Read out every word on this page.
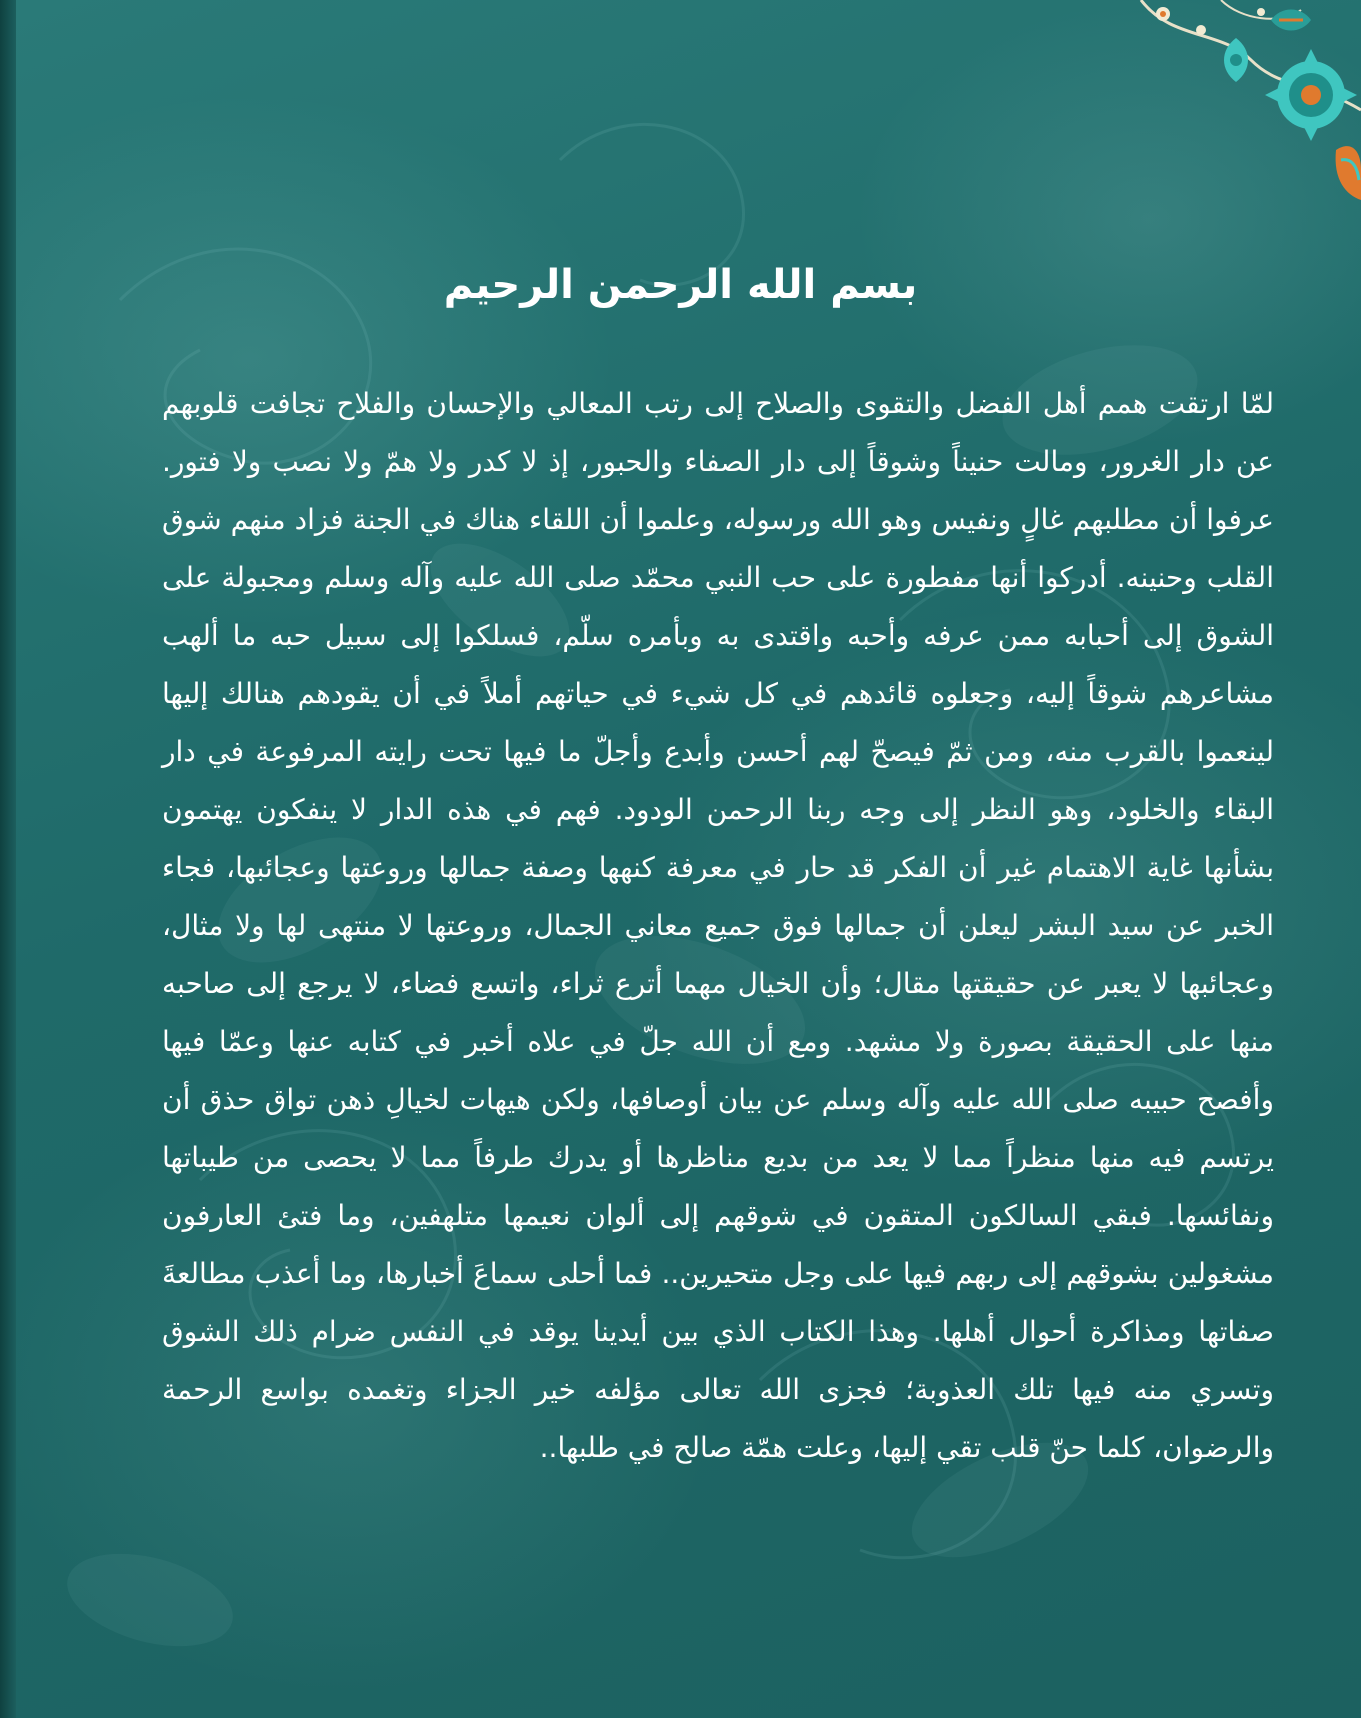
بسم الله الرحمن الرحيم

لمّا ارتقت همم أهل الفضل والتقوى والصلاح إلى رتب المعالي والإحسان والفلاح تجافت قلوبهم عن دار الغرور، ومالت حنيناً وشوقاً إلى دار الصفاء والحبور، إذ لا كدر ولا همّ ولا نصب ولا فتور. عرفوا أن مطلبهم غالٍ ونفيس وهو الله ورسوله، وعلموا أن اللقاء هناك في الجنة فزاد منهم شوق القلب وحنينه. أدركوا أنها مفطورة على حب النبي محمّد صلى الله عليه وآله وسلم ومجبولة على الشوق إلى أحبابه ممن عرفه وأحبه واقتدى به وبأمره سلّم، فسلكوا إلى سبيل حبه ما ألهب مشاعرهم شوقاً إليه، وجعلوه قائدهم في كل شيء في حياتهم أملاً في أن يقودهم هنالك إليها لينعموا بالقرب منه، ومن ثمّ فيصحّ لهم أحسن وأبدع وأجلّ ما فيها تحت رايته المرفوعة في دار البقاء والخلود، وهو النظر إلى وجه ربنا الرحمن الودود. فهم في هذه الدار لا ينفكون يهتمون بشأنها غاية الاهتمام غير أن الفكر قد حار في معرفة كنهها وصفة جمالها وروعتها وعجائبها، فجاء الخبر عن سيد البشر ليعلن أن جمالها فوق جميع معاني الجمال، وروعتها لا منتهى لها ولا مثال، وعجائبها لا يعبر عن حقيقتها مقال؛ وأن الخيال مهما أترع ثراء، واتسع فضاء، لا يرجع إلى صاحبه منها على الحقيقة بصورة ولا مشهد. ومع أن الله جلّ في علاه أخبر في كتابه عنها وعمّا فيها وأفصح حبيبه صلى الله عليه وآله وسلم عن بيان أوصافها، ولكن هيهات لخيالِ ذهن تواق حذق أن يرتسم فيه منها منظراً مما لا يعد من بديع مناظرها أو يدرك طرفاً مما لا يحصى من طيباتها ونفائسها. فبقي السالكون المتقون في شوقهم إلى ألوان نعيمها متلهفين، وما فتئ العارفون مشغولين بشوقهم إلى ربهم فيها على وجل متحيرين.. فما أحلى سماعَ أخبارها، وما أعذب مطالعةَ صفاتها ومذاكرة أحوال أهلها. وهذا الكتاب الذي بين أيدينا يوقد في النفس ضرام ذلك الشوق وتسري منه فيها تلك العذوبة؛ فجزى الله تعالى مؤلفه خير الجزاء وتغمده بواسع الرحمة والرضوان، كلما حنّ قلب تقي إليها، وعلت همّة صالح في طلبها..
